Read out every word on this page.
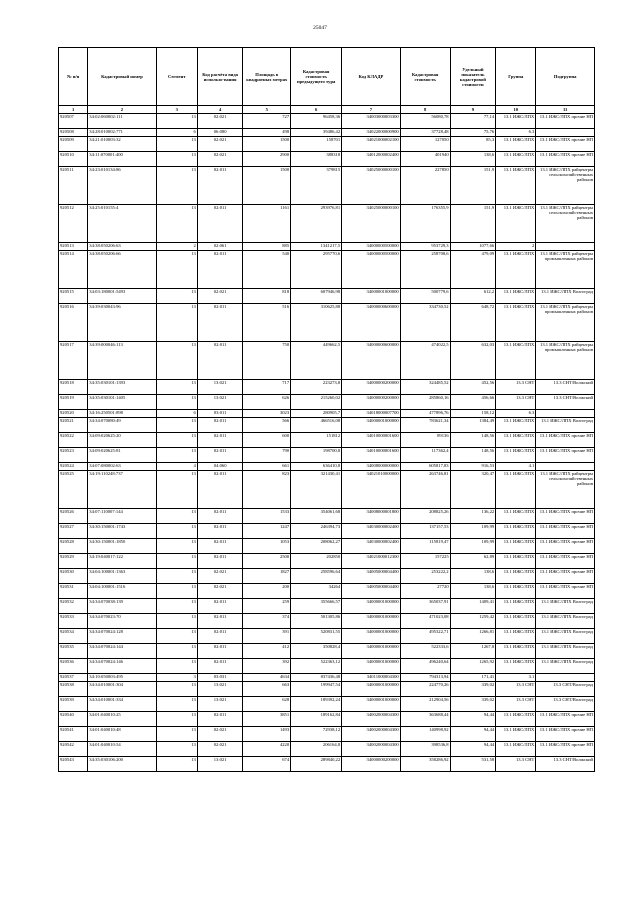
25047
№ п/п	Кадастровый номер	Сегмент	Код расчёта вида использо-вания	Площадь в квадратных метрах	Кадастровая стоимость предыдущего тура	Код КЛАДР	Кадастровая стоимость	Удельный показатель кадастровой стоимости	Группа	Подгруппа
1	2	3	4	5	6	7	8	9	10	11
920507	34:02:060002:111	13	02:021	727	96458,36	34003000003300	56080,78	77,14	13.1 ИЖС/ЛПХ	13.1 ИЖС/ЛПХ прочие НП
920508	34:28:010002:771	6	06:080	498	39486,42	34022000000900	37728,48	75,76	6.3	
920509	34:21:010003:32	13	02:021	1500	158701	34021000002100	127050	85,3	13.1 ИЖС/ЛПХ	13.1 ИЖС/ЛПХ прочие НП
920510	34:11:070001:400	13	02:021	2900	388318	34012000002400	401940	138,6	13.1 ИЖС/ЛПХ	13.1 ИЖС/ЛПХ прочие НП
920511	34:23:010134:86	13	02:011	1500	379815	34025000000100	227850	151,9	13.1 ИЖС/ЛПХ	13.1 ИЖС/ЛПХ райцентры сельскохозяйственных районов
920512	34:25:010155:4	13	02:011	1161	293976,81	34025000000100	176355,9	151,9	13.1 ИЖС/ЛПХ	13.1 ИЖС/ЛПХ райцентры сельскохозяйственных районов
920513	34:38:050206:63	2	02:061	885	1341217,5	34000000500000	953729,3	1077,66	2	
920514	34:38:050206:66	13	02:011	540	295770,6	34000000500000	258708,6	479,09	13.1 ИЖС/ЛПХ	13.1 ИЖС/ЛПХ райцентры промышленных районов
920515	34:03:180001:5493	13	02:021	818	607946,98	34000001000000	500779,6	612,2	13.1 ИЖС/ЛПХ	13.1 ИЖС/ЛПХ Волгоград
920516	34:39:030043:96	13	02:011	516	310625,88	34000000600000	334730,52	648,72	13.1 ИЖС/ЛПХ	13.1 ИЖС/ЛПХ райцентры промышленных районов
920517	34:39:000046:113	13	02:011	750	449662,5	34000000600000	474022,5	632,03	13.1 ИЖС/ЛПХ	13.1 ИЖС/ЛПХ райцентры промышленных районов
920518	34:35:030101:1393	13	13:021	717	223273,8	34000000200000	324485,52	452,56	13.3 СНТ	13.3 СНТ/Волжский
920519	34:35:030101:1405	13	13:021	626	215260,02	34000000200000	285860,16	456,66	13.3 СНТ	13.3 СНТ/Волжский
920520	34:16:250501:898	6	03:011	3023	280905,7	34018000007700	477896,76	158,12	6.3	
920521	34:34:070080:49	13	02:011	566	466516,08	34000001000000	783621,34	1384,49	13.1 ИЖС/ЛПХ	13.1 ИЖС/ЛПХ Волгоград
920522	34:09:020625:20	13	02:011	600	151812	34010000001600	89136	148,56	13.1 ИЖС/ЛПХ	13.1 ИЖС/ЛПХ прочие НП
920523	34:09:020625:81	13	02:011	790	198700,8	34010000001600	117362,4	148,56	13.1 ИЖС/ЛПХ	13.1 ИЖС/ЛПХ прочие НП
920524	34:07:080002:63	4	04:060	661	636410,8	34008000000000	605817,83	916,53	4.1	
920525	34:19:110248:737	13	02:011	823	321430,41	34021010000000	263746,81	320,47	13.1 ИЖС/ЛПХ	13.1 ИЖС/ЛПХ райцентры сельскохозяйственных районов
920526	34:07:110007:144	13	02:011	1533	354061,68	34008000001800	208825,26	136,22	13.1 ИЖС/ЛПХ	13.1 ИЖС/ЛПХ прочие НП
920527	34:30:150001:1743	13	02:011	1247	246394,73	34030000002400	137157,53	109,99	13.1 ИЖС/ЛПХ	13.1 ИЖС/ЛПХ прочие НП
920528	34:30:150001:1850	13	02:011	1053	208062,27	34030000002400	115819,47	109,99	13.1 ИЖС/ЛПХ	13.1 ИЖС/ЛПХ прочие НП
920529	34:19:040017:122	13	02:011	2500	202850	34021000012300	157225	62,89	13.1 ИЖС/ЛПХ	13.1 ИЖС/ЛПХ прочие НП
920530	34:04:100001:1363	13	02:021	1827	258596,64	34005000004400	253222,2	138,6	13.1 ИЖС/ЛПХ	13.1 ИЖС/ЛПХ прочие НП
920531	34:04:100001:1516	13	02:021	200	34264	34005000004400	27720	138,6	13.1 ИЖС/ЛПХ	13.1 ИЖС/ЛПХ прочие НП
920532	34:34:070038:139	13	02:011	259	355666,57	34000001000000	365037,91	1409,41	13.1 ИЖС/ЛПХ	13.1 ИЖС/ЛПХ Волгоград
920533	34:34:070023:70	13	02:011	374	501305,86	34000001000000	471023,08	1259,42	13.1 ИЖС/ЛПХ	13.1 ИЖС/ЛПХ Волгоград
920534	34:34:070024:128	13	02:011	391	520831,55	34000001000000	495322,71	1266,81	13.1 ИЖС/ЛПХ	13.1 ИЖС/ЛПХ Волгоград
920535	34:34:070024:144	13	02:011	412	350828,4	34000001000000	522333,6	1267,8	13.1 ИЖС/ЛПХ	13.1 ИЖС/ЛПХ Волгоград
920536	34:34:070024:146	13	02:011	392	522363,12	34000001000000	496240,64	1265,92	13.1 ИЖС/ЛПХ	13.1 ИЖС/ЛПХ Волгоград
920537	34:10:050003:495	3	03:031	4634	837436,48	34011000004300	794313,94	171,41	3.1	
920538	34:34:010001:304	13	13:021	663	199947,54	34000001000000	224770,26	339,02	13.3 СНТ	13.3 СНТ/Волгоград
920539	34:34:010001:334	13	13:021	628	189392,24	34000001000000	212904,56	339,02	13.3 СНТ	13.3 СНТ/Волгоград
920540	34:01:040010:25	13	02:011	3851	189162,84	34002000004300	363688,44	94,44	13.1 ИЖС/ЛПХ	13.1 ИЖС/ЛПХ прочие НП
920541	34:01:040010:48	13	02:021	1493	72938,12	34002000004300	140998,92	94,44	13.1 ИЖС/ЛПХ	13.1 ИЖС/ЛПХ прочие НП
920542	34:01:040010:54	13	02:021	4220	206164,8	34002000004300	398536,8	94,44	13.1 ИЖС/ЛПХ	13.1 ИЖС/ЛПХ прочие НП
920543	34:35:030106:200	13	13:021	674	289840,22	34000000200000	358286,92	531,58	13.3 СНТ	13.3 СНТ/Волжский
